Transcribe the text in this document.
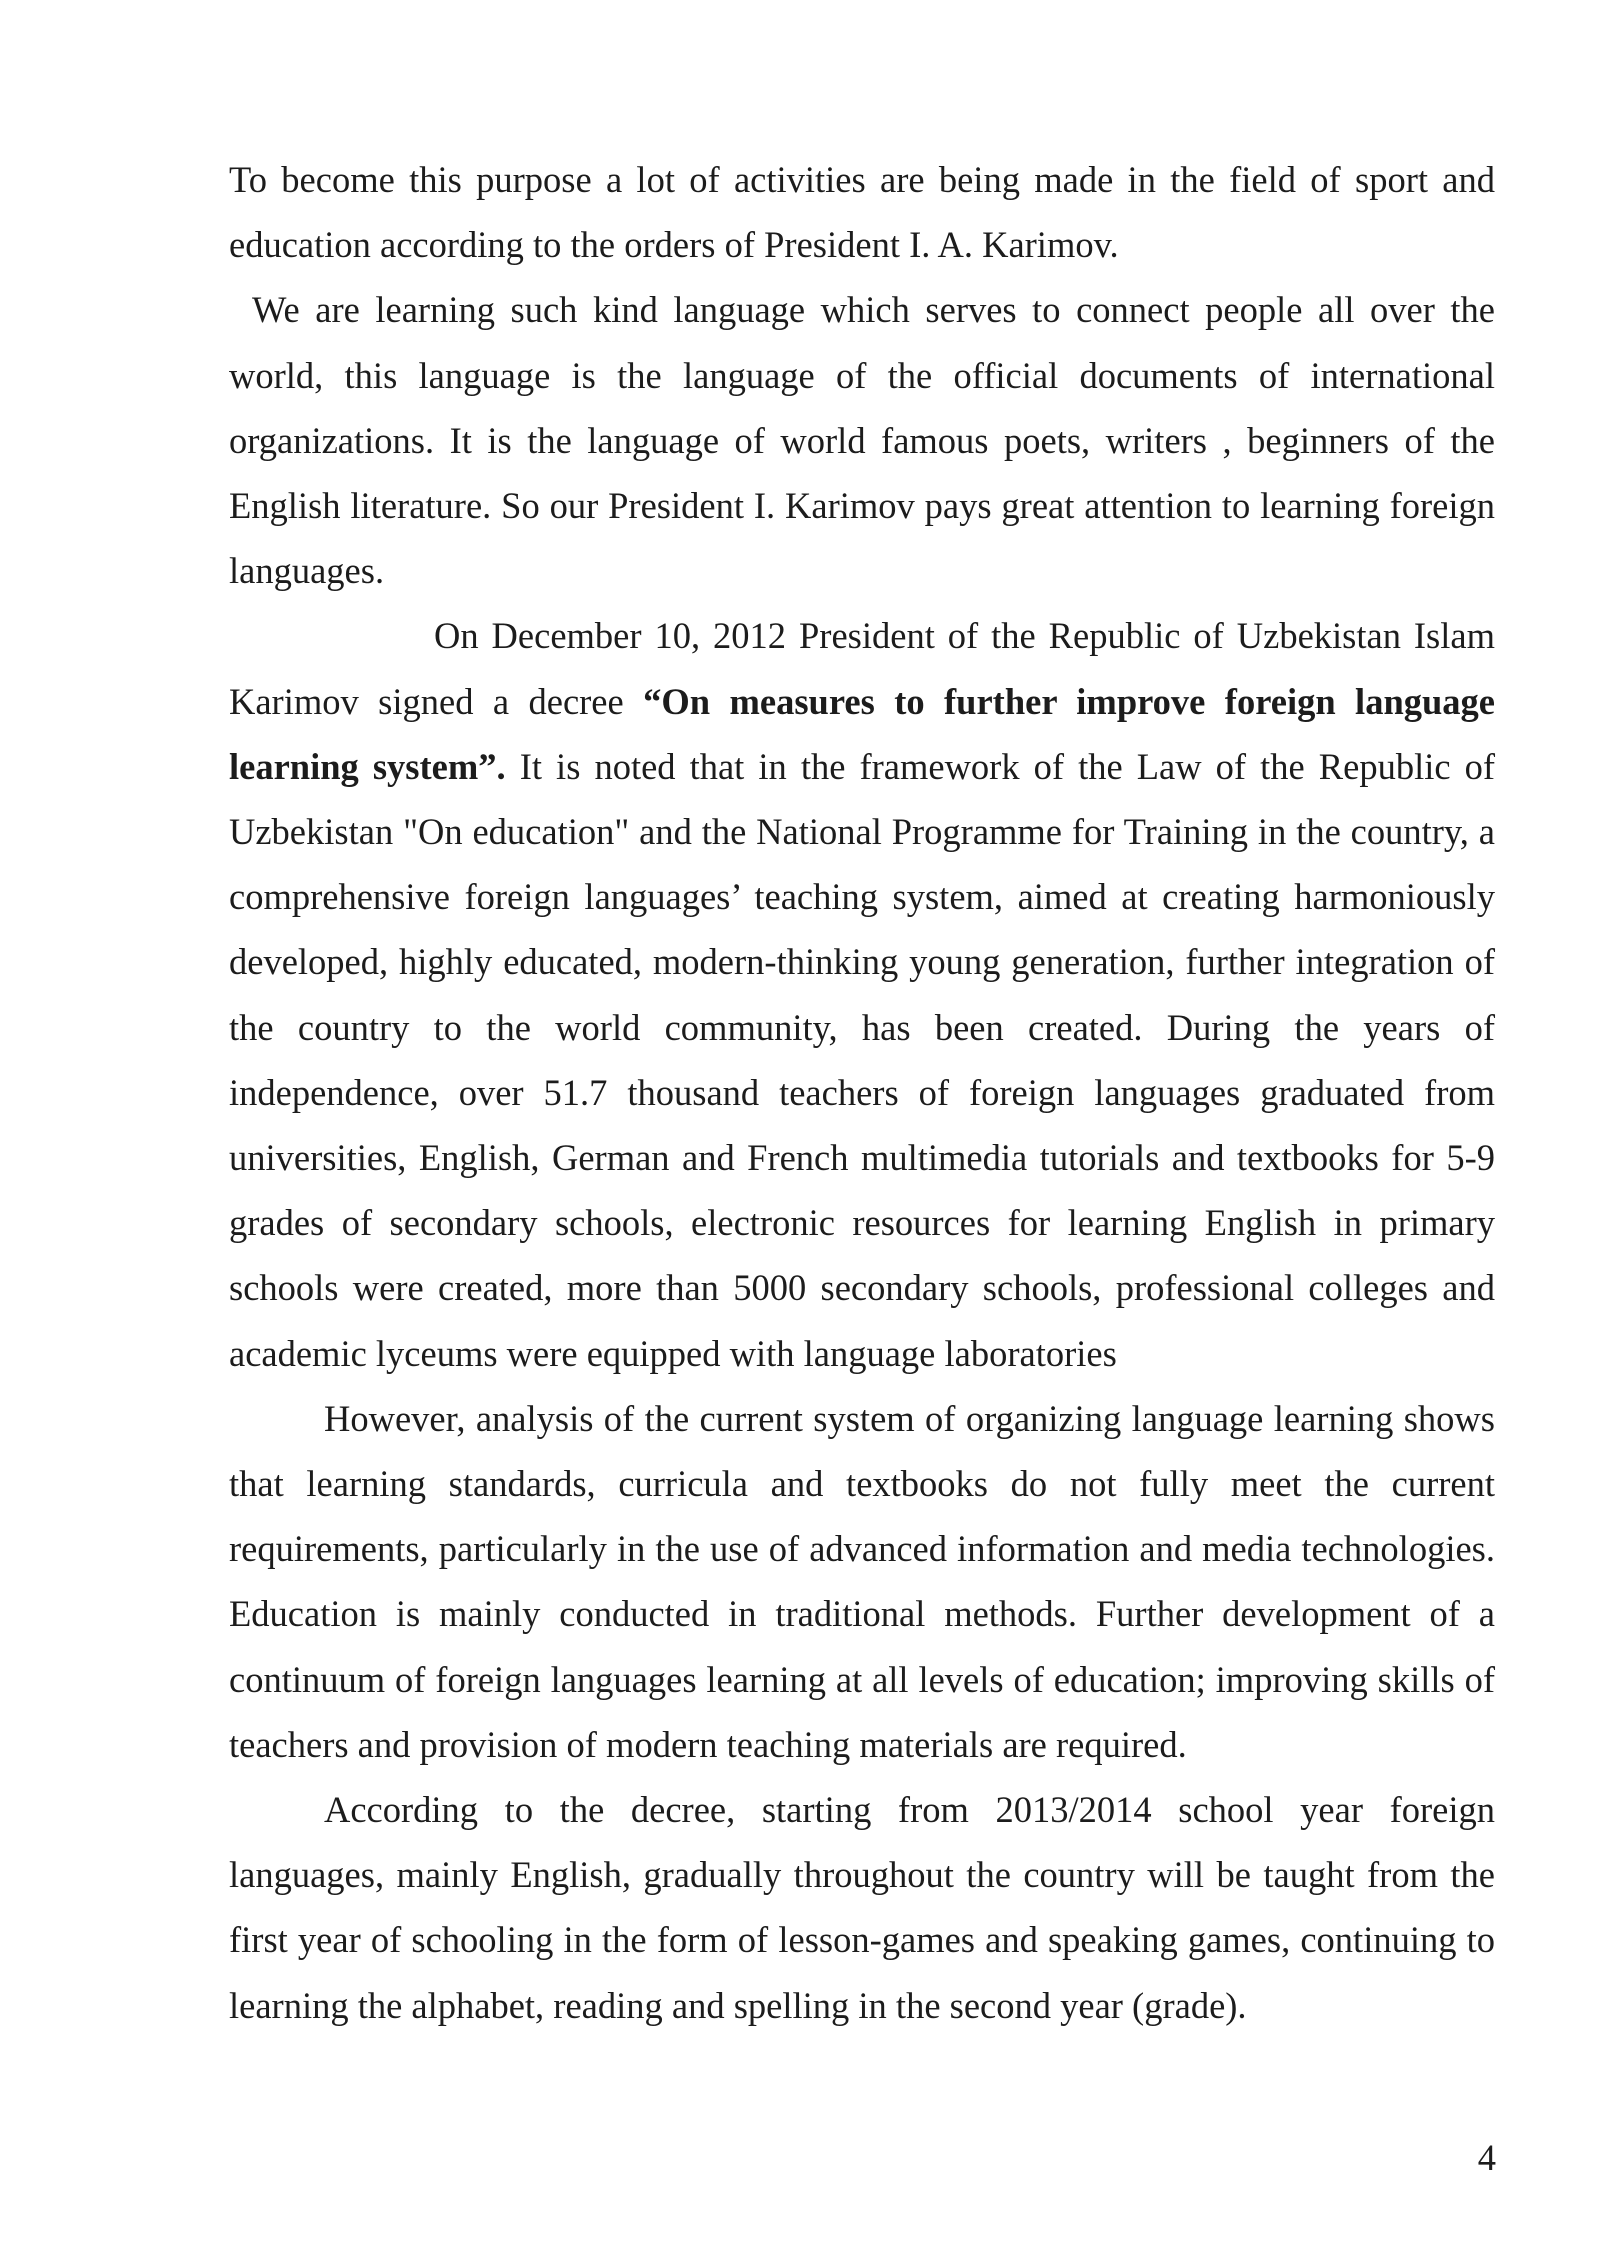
To become this purpose a lot of activities are being made in the field of sport and education according to the orders of President I. A. Karimov.

We are learning such kind language which serves to connect people all over the world, this language is the language of the official documents of international organizations. It is the language of world famous poets, writers , beginners of the English literature. So our President I. Karimov pays great attention to learning foreign languages.

On December 10, 2012 President of the Republic of Uzbekistan Islam Karimov signed a decree “On measures to further improve foreign language learning system”. It is noted that in the framework of the Law of the Republic of Uzbekistan "On education" and the National Programme for Training in the country, a comprehensive foreign languages’ teaching system, aimed at creating harmoniously developed, highly educated, modern-thinking young generation, further integration of the country to the world community, has been created. During the years of independence, over 51.7 thousand teachers of foreign languages graduated from universities, English, German and French multimedia tutorials and textbooks for 5-9 grades of secondary schools, electronic resources for learning English in primary schools were created, more than 5000 secondary schools, professional colleges and academic lyceums were equipped with language laboratories

However, analysis of the current system of organizing language learning shows that learning standards, curricula and textbooks do not fully meet the current requirements, particularly in the use of advanced information and media technologies. Education is mainly conducted in traditional methods. Further development of a continuum of foreign languages learning at all levels of education; improving skills of teachers and provision of modern teaching materials are required.

According to the decree, starting from 2013/2014 school year foreign languages, mainly English, gradually throughout the country will be taught from the first year of schooling in the form of lesson-games and speaking games, continuing to learning the alphabet, reading and spelling in the second year (grade).

4
